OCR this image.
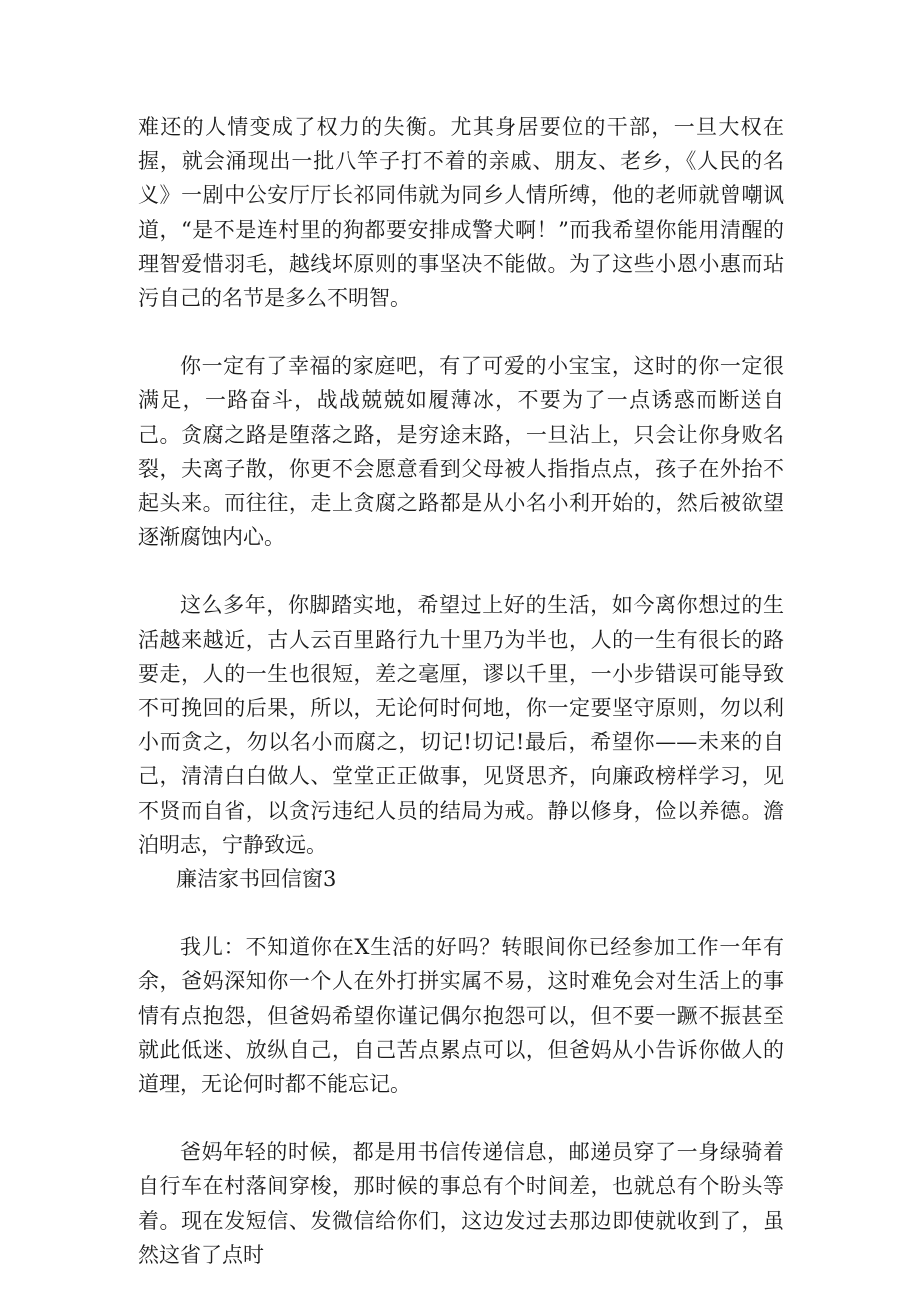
难还的人情变成了权力的失衡。尤其身居要位的干部，一旦大权在握，就会涌现出一批八竿子打不着的亲戚、朋友、老乡，《人民的名义》一剧中公安厅厅长祁同伟就为同乡人情所缚，他的老师就曾嘲讽道，“是不是连村里的狗都要安排成警犬啊！”而我希望你能用清醒的理智爱惜羽毛，越线坏原则的事坚决不能做。为了这些小恩小惠而玷污自己的名节是多么不明智。

你一定有了幸福的家庭吧，有了可爱的小宝宝，这时的你一定很满足，一路奋斗，战战兢兢如履薄冰，不要为了一点诱惑而断送自己。贪腐之路是堕落之路，是穷途末路，一旦沾上，只会让你身败名裂，夫离子散，你更不会愿意看到父母被人指指点点，孩子在外抬不起头来。而往往，走上贪腐之路都是从小名小利开始的，然后被欲望逐渐腐蚀内心。

这么多年，你脚踏实地，希望过上好的生活，如今离你想过的生活越来越近，古人云百里路行九十里乃为半也，人的一生有很长的路要走，人的一生也很短，差之毫厘，谬以千里，一小步错误可能导致不可挽回的后果，所以，无论何时何地，你一定要坚守原则，勿以利小而贪之，勿以名小而腐之，切记!切记!最后，希望你——未来的自己，清清白白做人、堂堂正正做事，见贤思齐，向廉政榜样学习，见不贤而自省，以贪污违纪人员的结局为戒。静以修身，俭以养德。澹泊明志，宁静致远。

廉洁家书回信窗3

我儿：不知道你在X生活的好吗？转眼间你已经参加工作一年有余，爸妈深知你一个人在外打拼实属不易，这时难免会对生活上的事情有点抱怨，但爸妈希望你谨记偶尔抱怨可以，但不要一蹶不振甚至就此低迷、放纵自己，自己苦点累点可以，但爸妈从小告诉你做人的道理，无论何时都不能忘记。

爸妈年轻的时候，都是用书信传递信息，邮递员穿了一身绿骑着自行车在村落间穿梭，那时候的事总有个时间差，也就总有个盼头等着。现在发短信、发微信给你们，这边发过去那边即使就收到了，虽然这省了点时
